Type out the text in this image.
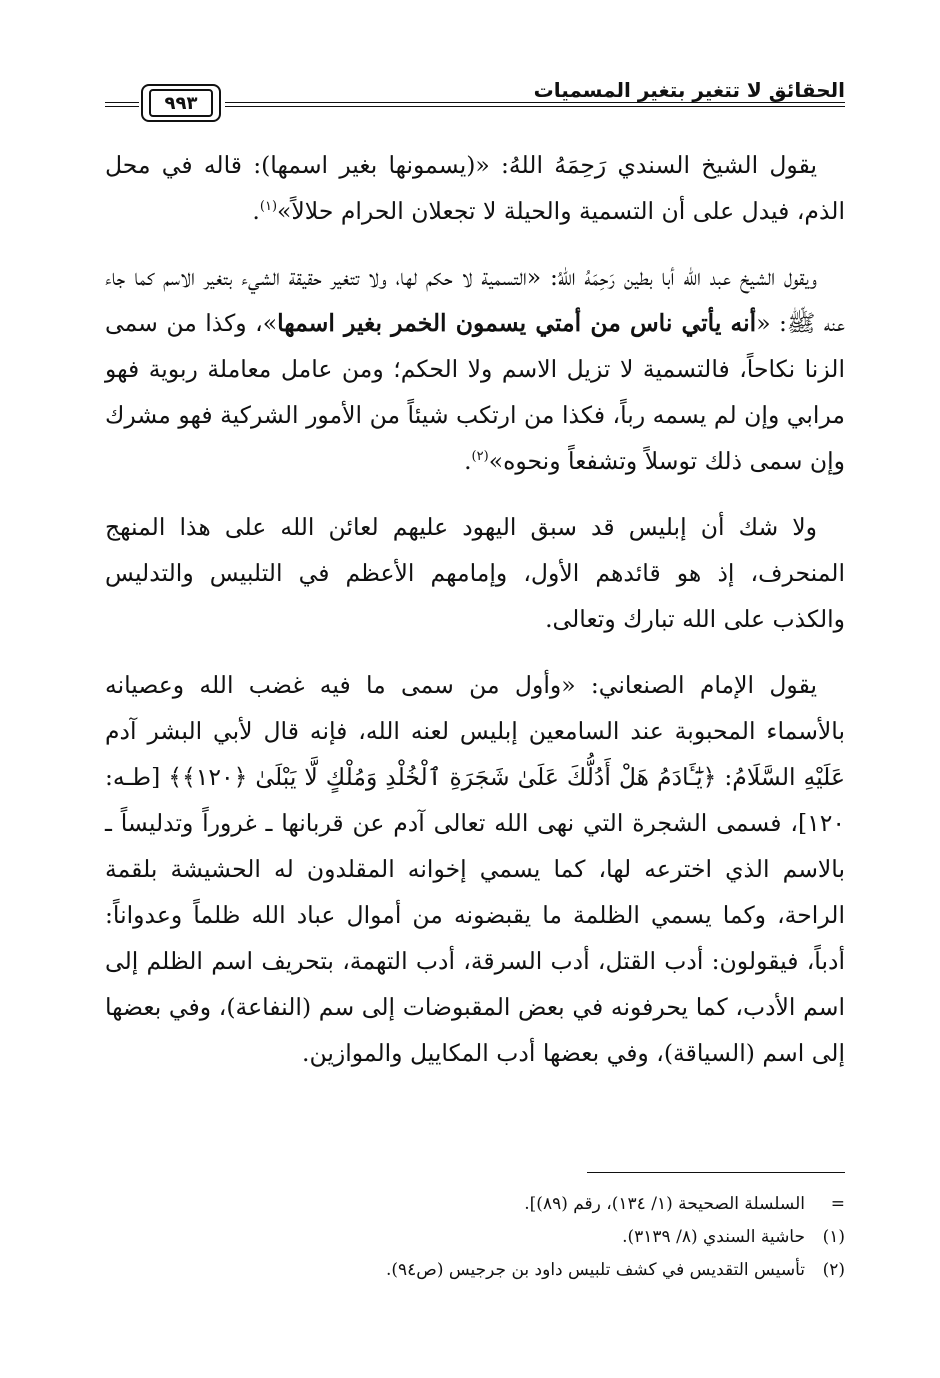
الحقائق لا تتغير بتغير المسميات
٩٩٣

يقول الشيخ السندي رَحِمَهُ اللهُ: «(يسمونها بغير اسمها): قاله في محل الذم، فيدل على أن التسمية والحيلة لا تجعلان الحرام حلالاً»$^{(١)}$.

ويقول الشيخ عبد الله أبا بطين رَحِمَهُ اللهُ: «التسمية لا حكم لها، ولا تتغير حقيقة الشيء بتغير الاسم كما جاء عنه ﷺ: «أنه يأتي ناس من أمتي يسمون الخمر بغير اسمها»، وكذا من سمى الزنا نكاحاً، فالتسمية لا تزيل الاسم ولا الحكم؛ ومن عامل معاملة ربوية فهو مرابي وإن لم يسمه رباً، فكذا من ارتكب شيئاً من الأمور الشركية فهو مشرك وإن سمى ذلك توسلاً وتشفعاً ونحوه»$^{(٢)}$.

ولا شك أن إبليس قد سبق اليهود عليهم لعائن الله على هذا المنهج المنحرف، إذ هو قائدهم الأول، وإمامهم الأعظم في التلبيس والتدليس والكذب على الله تبارك وتعالى.

يقول الإمام الصنعاني: «وأول من سمى ما فيه غضب الله وعصيانه بالأسماء المحبوبة عند السامعين إبليس لعنه الله، فإنه قال لأبي البشر آدم عَلَيْهِ السَّلَامُ: ﴿يَٰٓـَٔادَمُ هَلْ أَدُلُّكَ عَلَىٰ شَجَرَةِ ٱلْخُلْدِ وَمُلْكٍ لَّا يَبْلَىٰ ﴿١٢٠﴾﴾ [طـه: ١٢٠]، فسمى الشجرة التي نهى الله تعالى آدم عن قربانها ـ غروراً وتدليساً ـ بالاسم الذي اخترعه لها، كما يسمي إخوانه المقلدون له الحشيشة بلقمة الراحة، وكما يسمي الظلمة ما يقبضونه من أموال عباد الله ظلماً وعدواناً: أدباً، فيقولون: أدب القتل، أدب السرقة، أدب التهمة، بتحريف اسم الظلم إلى اسم الأدب، كما يحرفونه في بعض المقبوضات إلى سم (النفاعة)، وفي بعضها إلى اسم (السياقة)، وفي بعضها أدب المكاييل والموازين.

=
السلسلة الصحيحة (١/ ١٣٤)، رقم (٨٩)].
(١)
حاشية السندي (٨/ ٣١٣٩).
(٢)
تأسيس التقديس في كشف تلبيس داود بن جرجيس (ص٩٤).
